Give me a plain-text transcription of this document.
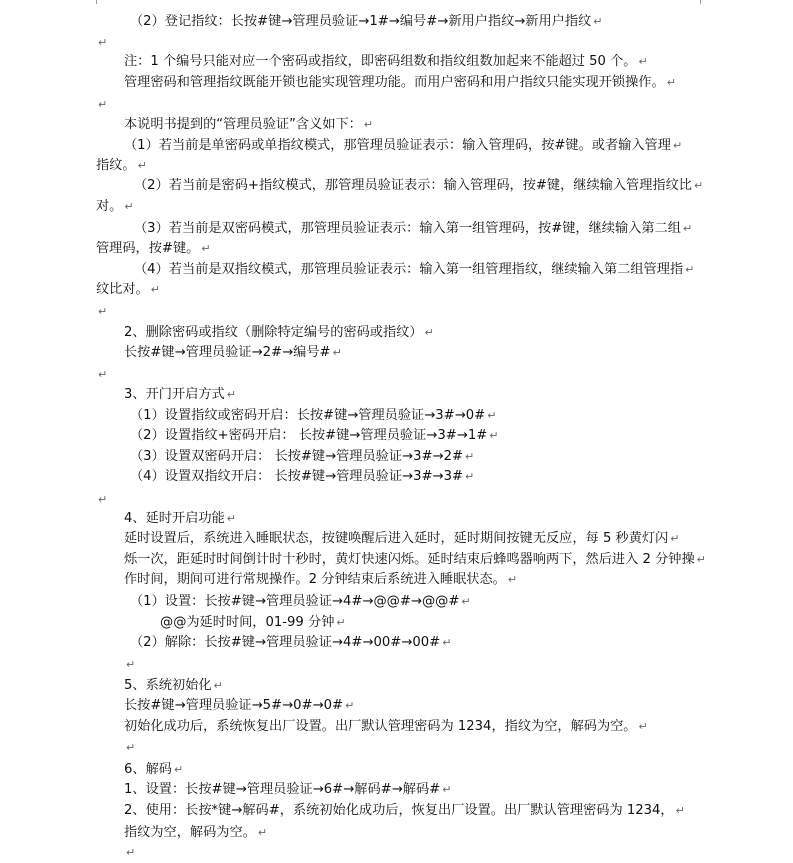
（2）登记指纹：长按#键→管理员验证→1#→编号#→新用户指纹→新用户指纹 ↵
↵
注：1 个编号只能对应一个密码或指纹，即密码组数和指纹组数加起来不能超过 50 个。 ↵
管理密码和管理指纹既能开锁也能实现管理功能。而用户密码和用户指纹只能实现开锁操作。 ↵
↵
本说明书提到的“管理员验证”含义如下： ↵
（1）若当前是单密码或单指纹模式，那管理员验证表示：输入管理码，按#键。或者输入管理 ↵
指纹。 ↵
（2）若当前是密码+指纹模式，那管理员验证表示：输入管理码，按#键，继续输入管理指纹比 ↵
对。 ↵
（3）若当前是双密码模式，那管理员验证表示：输入第一组管理码，按#键，继续输入第二组 ↵
管理码，按#键。 ↵
（4）若当前是双指纹模式，那管理员验证表示：输入第一组管理指纹，继续输入第二组管理指 ↵
纹比对。 ↵
↵
2、删除密码或指纹（删除特定编号的密码或指纹） ↵
长按#键→管理员验证→2#→编号# ↵
↵
3、开门开启方式 ↵
（1）设置指纹或密码开启：长按#键→管理员验证→3#→0# ↵
（2）设置指纹+密码开启： 长按#键→管理员验证→3#→1# ↵
（3）设置双密码开启： 长按#键→管理员验证→3#→2# ↵
（4）设置双指纹开启： 长按#键→管理员验证→3#→3# ↵
↵
4、延时开启功能 ↵
延时设置后，系统进入睡眠状态，按键唤醒后进入延时，延时期间按键无反应，每 5 秒黄灯闪 ↵
烁一次，距延时时间倒计时十秒时，黄灯快速闪烁。延时结束后蜂鸣器响两下，然后进入 2 分钟操 ↵
作时间，期间可进行常规操作。2 分钟结束后系统进入睡眠状态。 ↵
（1）设置：长按#键→管理员验证→4#→@@#→@@# ↵
@@为延时时间，01-99 分钟 ↵
（2）解除：长按#键→管理员验证→4#→00#→00# ↵
↵
5、系统初始化 ↵
长按#键→管理员验证→5#→0#→0# ↵
初始化成功后，系统恢复出厂设置。出厂默认管理密码为 1234，指纹为空，解码为空。 ↵
↵
6、解码 ↵
1、设置：长按#键→管理员验证→6#→解码#→解码# ↵
2、使用：长按*键→解码#，系统初始化成功后，恢复出厂设置。出厂默认管理密码为 1234， ↵
指纹为空，解码为空。 ↵
↵
